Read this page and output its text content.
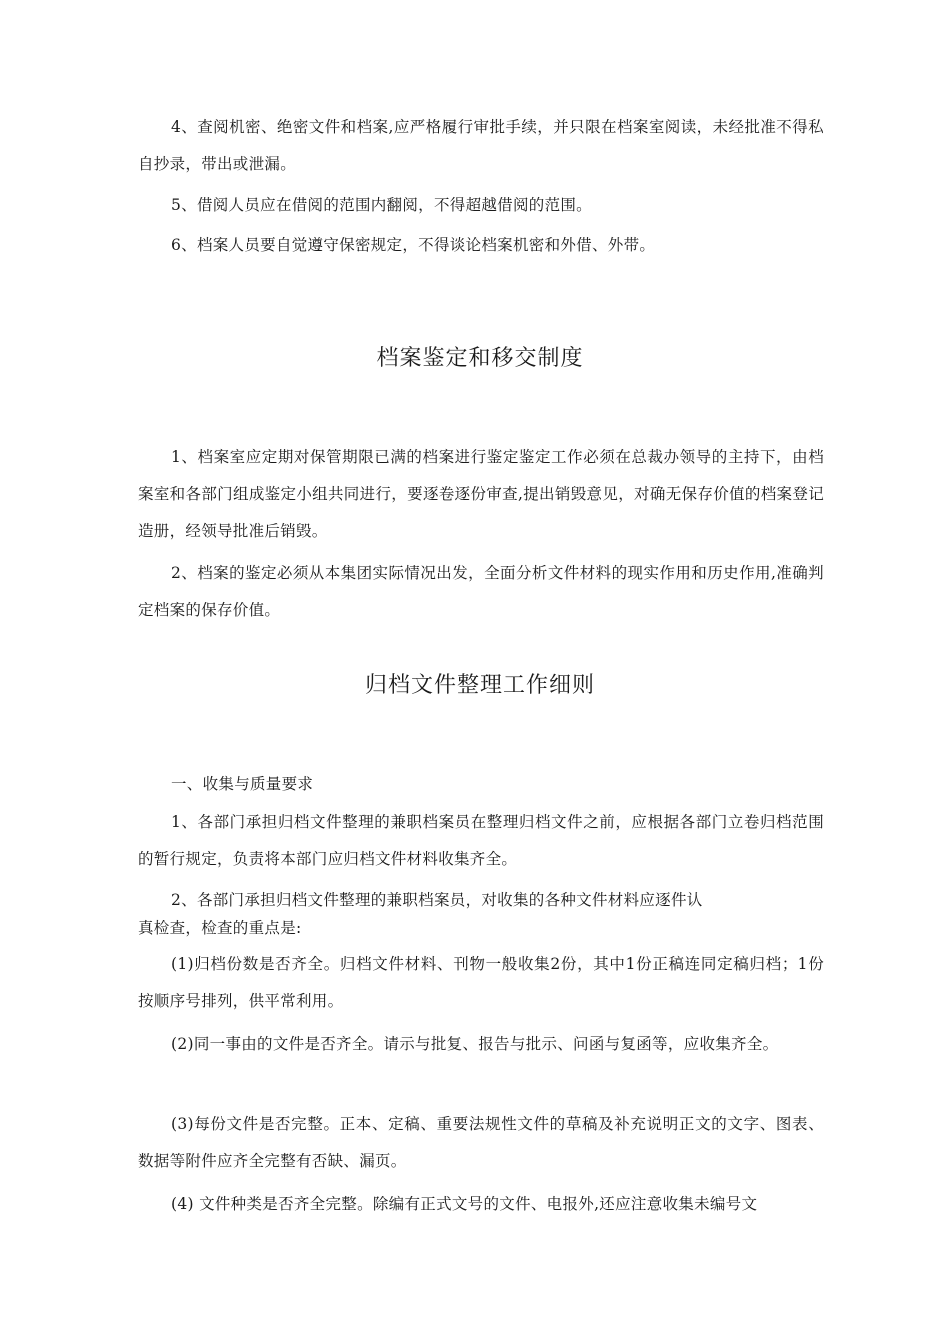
4、查阅机密、绝密文件和档案,应严格履行审批手续，并只限在档案室阅读，未经批准不得私自抄录，带出或泄漏。

5、借阅人员应在借阅的范围内翻阅，不得超越借阅的范围。

6、档案人员要自觉遵守保密规定，不得谈论档案机密和外借、外带。

档案鉴定和移交制度

1、档案室应定期对保管期限已满的档案进行鉴定鉴定工作必须在总裁办领导的主持下，由档案室和各部门组成鉴定小组共同进行，要逐卷逐份审查,提出销毁意见，对确无保存价值的档案登记造册，经领导批准后销毁。

2、档案的鉴定必须从本集团实际情况出发，全面分析文件材料的现实作用和历史作用,准确判定档案的保存价值。

归档文件整理工作细则

一、收集与质量要求

1、各部门承担归档文件整理的兼职档案员在整理归档文件之前，应根据各部门立卷归档范围的暂行规定，负责将本部门应归档文件材料收集齐全。

2、各部门承担归档文件整理的兼职档案员，对收集的各种文件材料应逐件认

真检查，检查的重点是:

(1)归档份数是否齐全。归档文件材料、刊物一般收集2份，其中1份正稿连同定稿归档；1份按顺序号排列，供平常利用。

(2)同一事由的文件是否齐全。请示与批复、报告与批示、问函与复函等，应收集齐全。

(3)每份文件是否完整。正本、定稿、重要法规性文件的草稿及补充说明正文的文字、图表、数据等附件应齐全完整有否缺、漏页。

(4) 文件种类是否齐全完整。除编有正式文号的文件、电报外,还应注意收集未编号文
